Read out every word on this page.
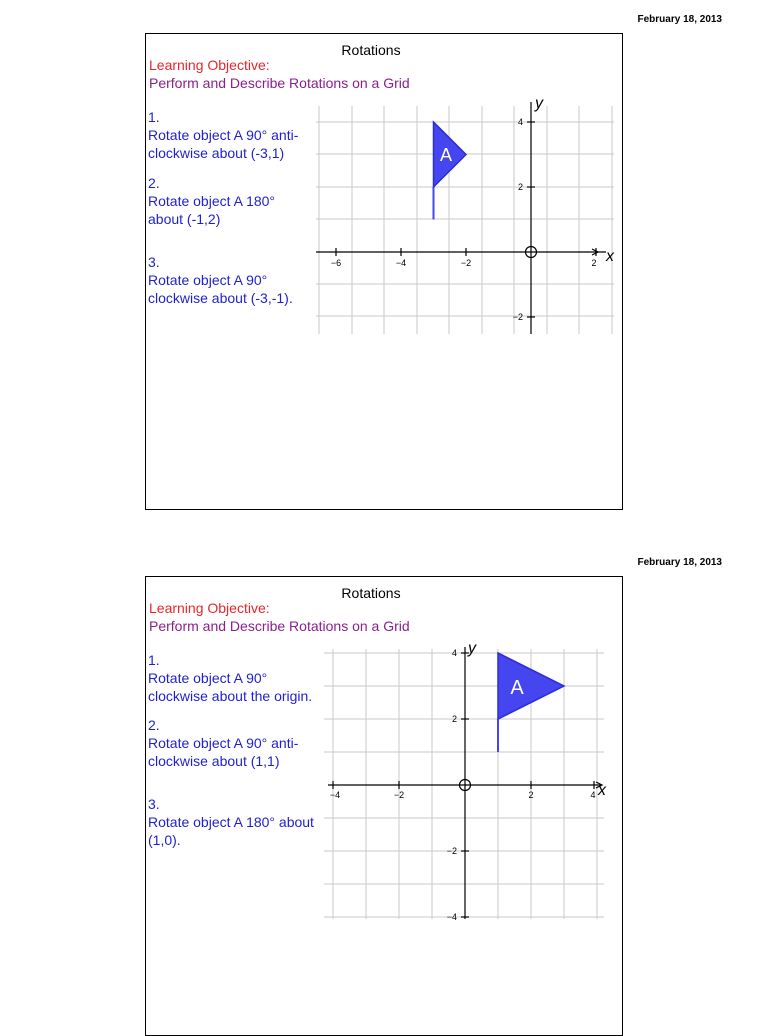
February 18, 2013
Rotations
Learning Objective:
Perform and Describe Rotations on a Grid
1.
Rotate object A 90° anti-
clockwise about (-3,1)
2.
Rotate object A 180°
about (-1,2)
3.
Rotate object A 90°
clockwise about (-3,-1).
−6	−4	−2	2
4
2
−2
x
y
A
February 18, 2013
Rotations
Learning Objective:
Perform and Describe Rotations on a Grid
1.
Rotate object A 90°
clockwise about the origin.
2.
Rotate object A 90° anti-
clockwise about (1,1)
3.
Rotate object A 180° about
(1,0).
−4	−2	2	4
4
2
−2
−4
x
y
A
